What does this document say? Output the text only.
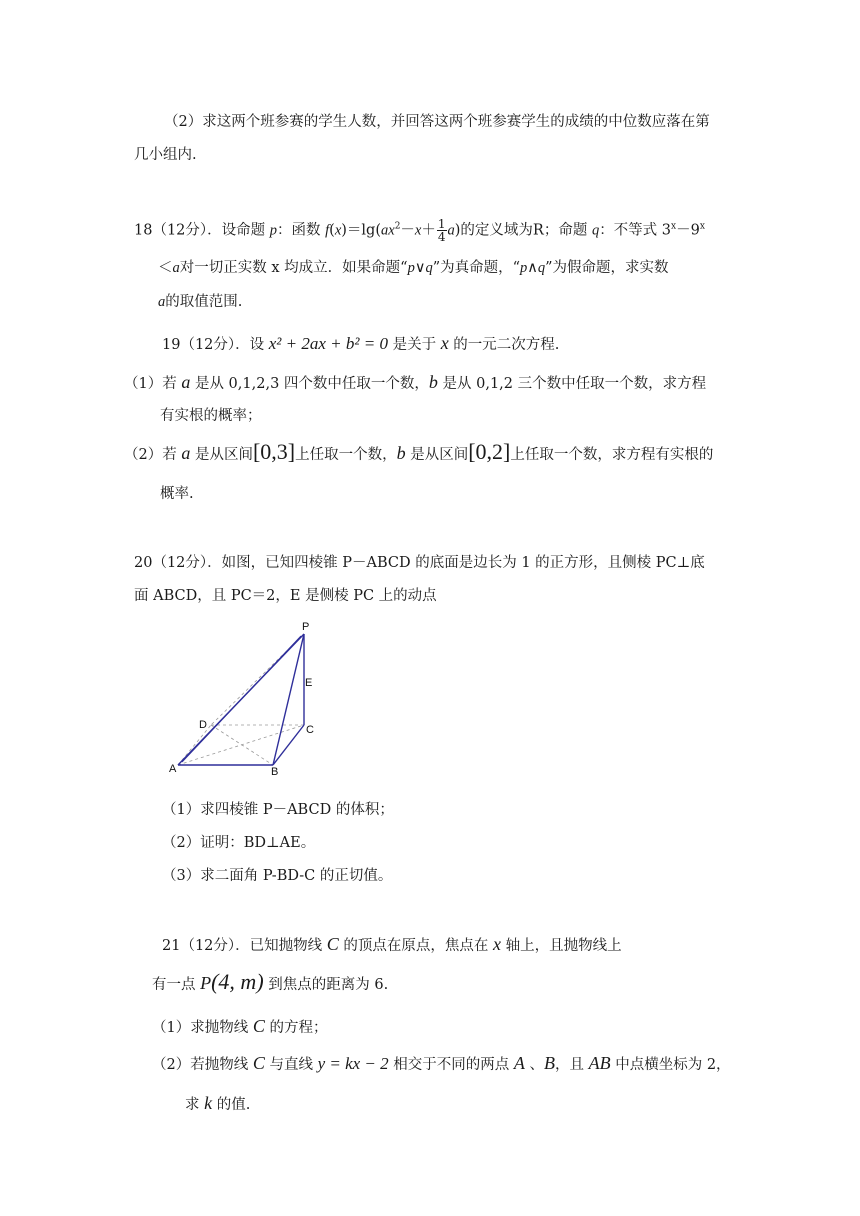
（2）求这两个班参赛的学生人数，并回答这两个班参赛学生的成绩的中位数应落在第
几小组内.
18（12分）．设命题 p：函数 $f(x)=\lg(ax^2-x+ \frac{1}{4} a)$的定义域为R；命题 q：不等式 $3^x-9^x$
＜a对一切正实数 x 均成立．如果命题“p∨q”为真命题，“p∧q”为假命题，求实数
a的取值范围.
19（12分）．设 x² + 2ax + b² = 0 是关于 x 的一元二次方程.
（1）若 a 是从 0,1,2,3 四个数中任取一个数，b 是从 0,1,2 三个数中任取一个数，求方程
有实根的概率；
（2）若 a 是从区间[0,3]上任取一个数，b 是从区间[0,2]上任取一个数，求方程有实根的
概率.
20（12分）．如图，已知四棱锥 P－ABCD 的底面是边长为 1 的正方形，且侧棱 PC⊥底
面 ABCD，且 PC＝2，E 是侧棱 PC 上的动点
P
E
D	C
A	B
（1）求四棱锥 P－ABCD 的体积；
（2）证明：BD⊥AE。
（3）求二面角 P-BD-C 的正切值。
21（12分）．已知抛物线 C 的顶点在原点，焦点在 x 轴上，且抛物线上
有一点 P(4, m) 到焦点的距离为 6.
（1）求抛物线 C 的方程；
（2）若抛物线 C 与直线 y = kx − 2 相交于不同的两点 A 、B，且 AB 中点横坐标为 2，
求 k 的值.
